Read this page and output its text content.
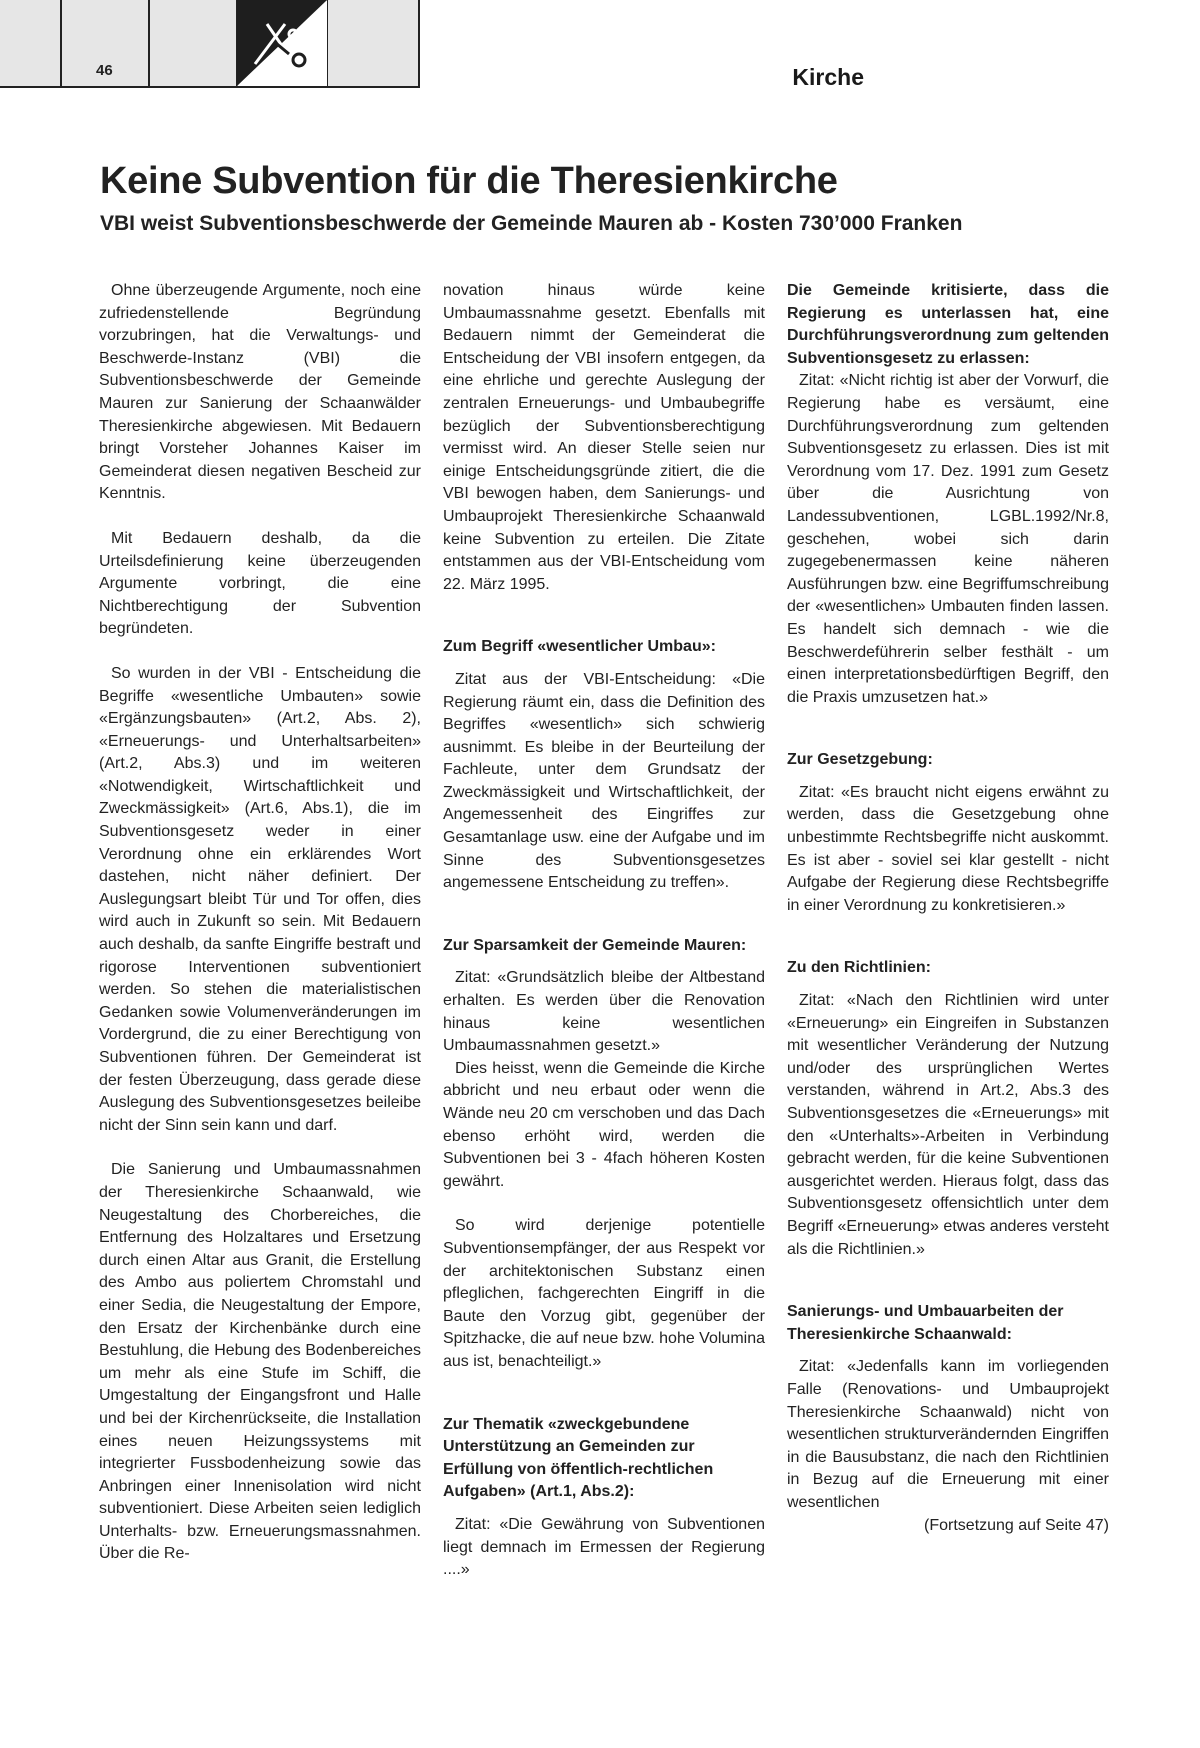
46	Kirche
Keine Subvention für die Theresienkirche
VBI weist Subventionsbeschwerde der Gemeinde Mauren ab - Kosten 730’000 Franken

Ohne überzeugende Argumente, noch eine zufriedenstellende Begründung vorzubringen, hat die Verwaltungs- und Beschwerde-Instanz (VBI) die Subventionsbeschwerde der Gemeinde Mauren zur Sanierung der Schaanwälder Theresienkirche abgewiesen. Mit Bedauern bringt Vorsteher Johannes Kaiser im Gemeinderat diesen negativen Bescheid zur Kenntnis.

Mit Bedauern deshalb, da die Urteilsdefinierung keine überzeugenden Argumente vorbringt, die eine Nichtberechtigung der Subvention begründeten.

So wurden in der VBI - Entscheidung die Begriffe «wesentliche Umbauten» sowie «Ergänzungsbauten» (Art.2, Abs. 2), «Erneuerungs- und Unterhaltsarbeiten» (Art.2, Abs.3) und im weiteren «Notwendigkeit, Wirtschaftlichkeit und Zweckmässigkeit» (Art.6, Abs.1), die im Subventionsgesetz weder in einer Verordnung ohne ein erklärendes Wort dastehen, nicht näher definiert. Der Auslegungsart bleibt Tür und Tor offen, dies wird auch in Zukunft so sein. Mit Bedauern auch deshalb, da sanfte Eingriffe bestraft und rigorose Interventionen subventioniert werden. So stehen die materialistischen Gedanken sowie Volumenveränderungen im Vordergrund, die zu einer Berechtigung von Subventionen führen. Der Gemeinderat ist der festen Überzeugung, dass gerade diese Auslegung des Subventionsgesetzes beileibe nicht der Sinn sein kann und darf.

Die Sanierung und Umbaumassnahmen der Theresienkirche Schaanwald, wie Neugestaltung des Chorbereiches, die Entfernung des Holzaltares und Ersetzung durch einen Altar aus Granit, die Erstellung des Ambo aus poliertem Chromstahl und einer Sedia, die Neugestaltung der Empore, den Ersatz der Kirchenbänke durch eine Bestuhlung, die Hebung des Bodenbereiches um mehr als eine Stufe im Schiff, die Umgestaltung der Eingangsfront und Halle und bei der Kirchenrückseite, die Installation eines neuen Heizungssystems mit integrierter Fussbodenheizung sowie das Anbringen einer Innenisolation wird nicht subventioniert. Diese Arbeiten seien lediglich Unterhalts- bzw. Erneuerungsmassnahmen. Über die Re-

novation hinaus würde keine Umbaumassnahme gesetzt. Ebenfalls mit Bedauern nimmt der Gemeinderat die Entscheidung der VBI insofern entgegen, da eine ehrliche und gerechte Auslegung der zentralen Erneuerungs- und Umbaubegriffe bezüglich der Subventionsberechtigung vermisst wird. An dieser Stelle seien nur einige Entscheidungsgründe zitiert, die die VBI bewogen haben, dem Sanierungs- und Umbauprojekt Theresienkirche Schaanwald keine Subvention zu erteilen. Die Zitate entstammen aus der VBI-Entscheidung vom 22. März 1995.

Zum Begriff «wesentlicher Umbau»:

Zitat aus der VBI-Entscheidung: «Die Regierung räumt ein, dass die Definition des Begriffes «wesentlich» sich schwierig ausnimmt. Es bleibe in der Beurteilung der Fachleute, unter dem Grundsatz der Zweckmässigkeit und Wirtschaftlichkeit, der Angemessenheit des Eingriffes zur Gesamtanlage usw. eine der Aufgabe und im Sinne des Subventionsgesetzes angemessene Entscheidung zu treffen».

Zur Sparsamkeit der Gemeinde Mauren:

Zitat: «Grundsätzlich bleibe der Altbestand erhalten. Es werden über die Renovation hinaus keine wesentlichen Umbaumassnahmen gesetzt.»

Dies heisst, wenn die Gemeinde die Kirche abbricht und neu erbaut oder wenn die Wände neu 20 cm verschoben und das Dach ebenso erhöht wird, werden die Subventionen bei 3 - 4fach höheren Kosten gewährt.

So wird derjenige potentielle Subventionsempfänger, der aus Respekt vor der architektonischen Substanz einen pfleglichen, fachgerechten Eingriff in die Baute den Vorzug gibt, gegenüber der Spitzhacke, die auf neue bzw. hohe Volumina aus ist, benachteiligt.»

Zur Thematik «zweckgebundene Unterstützung an Gemeinden zur Erfüllung von öffentlich-rechtlichen Aufgaben» (Art.1, Abs.2):

Zitat: «Die Gewährung von Subventionen liegt demnach im Ermessen der Regierung ....»

Die Gemeinde kritisierte, dass die Regierung es unterlassen hat, eine Durchführungsverordnung zum geltenden Subventionsgesetz zu erlassen:

Zitat: «Nicht richtig ist aber der Vorwurf, die Regierung habe es versäumt, eine Durchführungsverordnung zum geltenden Subventionsgesetz zu erlassen. Dies ist mit Verordnung vom 17. Dez. 1991 zum Gesetz über die Ausrichtung von Landessubventionen, LGBL.1992/Nr.8, geschehen, wobei sich darin zugegebenermassen keine näheren Ausführungen bzw. eine Begriffumschreibung der «wesentlichen» Umbauten finden lassen. Es handelt sich demnach - wie die Beschwerdeführerin selber festhält - um einen interpretationsbedürftigen Begriff, den die Praxis umzusetzen hat.»

Zur Gesetzgebung:

Zitat: «Es braucht nicht eigens erwähnt zu werden, dass die Gesetzgebung ohne unbestimmte Rechtsbegriffe nicht auskommt. Es ist aber - soviel sei klar gestellt - nicht Aufgabe der Regierung diese Rechtsbegriffe in einer Verordnung zu konkretisieren.»

Zu den Richtlinien:

Zitat: «Nach den Richtlinien wird unter «Erneuerung» ein Eingreifen in Substanzen mit wesentlicher Veränderung der Nutzung und/oder des ursprünglichen Wertes verstanden, während in Art.2, Abs.3 des Subventionsgesetzes die «Erneuerungs» mit den «Unterhalts»-Arbeiten in Verbindung gebracht werden, für die keine Subventionen ausgerichtet werden. Hieraus folgt, dass das Subventionsgesetz offensichtlich unter dem Begriff «Erneuerung» etwas anderes versteht als die Richtlinien.»

Sanierungs- und Umbauarbeiten der Theresienkirche Schaanwald:

Zitat: «Jedenfalls kann im vorliegenden Falle (Renovations- und Umbauprojekt Theresienkirche Schaanwald) nicht von wesentlichen strukturverändernden Eingriffen in die Bausubstanz, die nach den Richtlinien in Bezug auf die Erneuerung mit einer wesentlichen

(Fortsetzung auf Seite 47)
